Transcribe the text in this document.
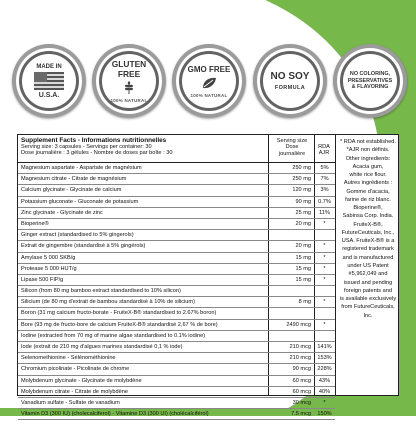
MADE IN
U.S.A.
GLUTEN FREE
100% NATURAL
GMO FREE
100% NATURAL
NO SOY
FORMULA
NO COLORING,
PRESERVATIVES
& FLAVORING
Supplement Facts - Informations nutritionnelles
Serving size: 3 capsules - Servings per container: 30
Dose journalière : 3 gélules - Nombre de doses par boîte : 30
Serving size
Dose
journalière
RDA
AJR
Magnesium aspartate - Aspartate de magnésium	250 mg	5%
Magnesium citrate - Citrate de magnésium	250 mg	7%
Calcium glycinate - Glycinate de calcium	120 mg	3%
Potassium gluconate - Gluconate de potassium	90 mg	0.7%
Zinc glycinate - Glycinate de zinc	25 mg	11%
Bioperine®	20 mg	*
Ginger extract (standardised to 5% gingerols)
Extrait de gingembre (standardisé à 5% gingérols)	20 mg	*
Amylase 5 000 SKB/g	15 mg	*
Protease 5 000 HUT/g	15 mg	*
Lipase 500 FIP/g	15 mg	*
Silicon (from 80 mg bamboo extract standardised to 10% silicon)
Silicium (de 80 mg d'extrait de bambou standardisé à 10% de silicium)	8 mg	*
Boron (31 mg calcium fructo-borate - FruiteX-B® standardised to 2.67% boron)
Bore (93 mg de fructo-bore de calcium FruiteX-B® standardisé 2,67 % de bore)	2490 mcg	*
Iodine (extracted from 70 mg of marine algae standardised to 0.1% iodine)
Iode (extrait de 210 mg d'algues marines standardisé 0,1 % iode)	210 mcg	141%
Selenomethionine - Sélénométhionine	210 mcg	153%
Chromium picolinate - Picolinate de chrome	90 mcg	228%
Molybdenum glycinate - Glycinate de molybdène	60 mcg	43%
Molybdenum citrate - Citrate de molybdène	60 mcg	40%
Vanadium sulfate - Sulfate de vanadium	30 mcg	*
Vitamin D3 (300 IU) (cholecalciferol) - Vitamine D3 (300 UI) (cholécalciférol)	7.5 mcg	150%
* RDA not established.
*AJR non définis.
Other ingredients:
Acacia gum,
white rice flour.
Autres ingrédients :
Gomme d'acacia,
farine de riz blanc.
Bioperine®,
Sabinsa Corp. India.
FruiteX-B®,
FutureCeuticals, Inc.,
USA. FruiteX-B® is a
registered trademark
and is manufactured
under US Patent
#5,962,049 and
issued and pending
foreign patents and
is available exclusively
from FutureCeuticals,
Inc.
